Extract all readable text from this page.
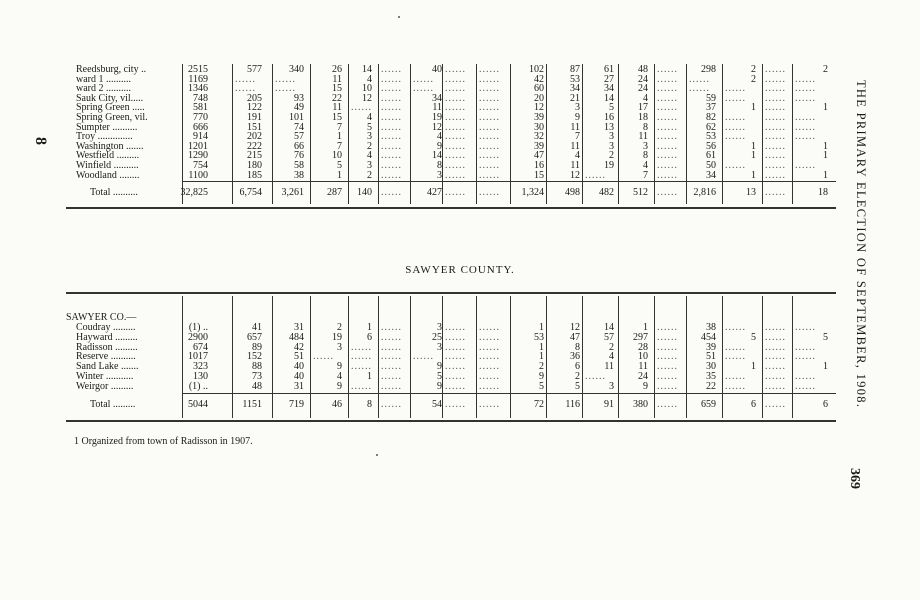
THE PRIMARY ELECTION OF SEPTEMBER, 1908.
369
8
Reedsburg, city ..	2515	577	340	26 14 ......	40 ...... ......	102	87 61 48 ...... 298	2 ......	2
ward 1 ..........	1169	...... ......	11	4 ...... ...... ...... ......	42	53 27 24 ...... ......	2 ...... ......
ward 2 ..........	1346	...... ......	15 10 ...... ...... ...... ......	60	34 34 24 ...... ...... ...... ...... ......
Sauk City, vil.....	748	205	93	22 12 ......	34 ...... ......	20	21 14	4 ......	59 ...... ...... ......
Spring Green .....	581	122	49	11 ...... ......	11 ...... ......	12	3	5 17 ......	37	1 ......	1
Spring Green, vil.	770	191	101	15	4 ......	19 ...... ......	39	9 16 18 ......	82 ...... ...... ......
Sumpter ..........	666	151	74	7	5 ......	12 ...... ......	30	11 13	8 ......	62 ...... ...... ......
Troy ..............	914	202	57	1	3 ......	4 ...... ......	32	7	3 11 ......	53 ...... ...... ......
Washington .......	1201	222	66	7	2 ......	9 ...... ......	39	11	3	3 ......	56	1 ......	1
Westfield .........	1290	215	76	10	4 ......	14 ...... ......	47	4	2	8 ......	61	1 ......	1
Winfield ..........	754	180	58	5	3 ......	8 ...... ......	16	11 19	4 ......	50 ...... ...... ......
Woodland ........	1100	185	38	1	2 ......	3 ...... ......	15	12 ......	7 ......	34	1 ......	1
Total ..........	32,825	6,754 3,261 287 140 ......	427 ...... ...... 1,324 498 482 512 ...... 2,816	13 ......	18
SAWYER COUNTY.
SAWYER CO.—
Coudray .........	(1) ..	41	31	2	1 ......	3 ...... ......	1	12 14	1 ......	38 ...... ...... ......
Hayward .........	2900	657	484	19	6 ......	25 ...... ......	53	47 57 297 ...... 454	5 ......	5
Radisson .........	674	89	42	3 ...... ......	3 ...... ......	1	8	2 28 ......	39 ...... ...... ......
Reserve ..........	1017	152	51 ...... ...... ...... ...... ...... ......	1	36	4 10 ......	51 ...... ...... ......
Sand Lake .......	323	88	40	9 ...... ......	9 ...... ......	2	6 11 11 ......	30	1 ......	1
Winter ...........	130	73	40	4	1 ......	5 ...... ......	9	2 ......	24 ......	35 ...... ...... ......
Weirgor .........	(1) ..	48	31	9 ...... ......	9 ...... ......	5	5	3	9 ......	22 ...... ...... ......
Total .........	5044	1151	719	46	8 ......	54 ...... ......	72 116 91 380 ...... 659	6 ......	6
1 Organized from town of Radisson in 1907.
